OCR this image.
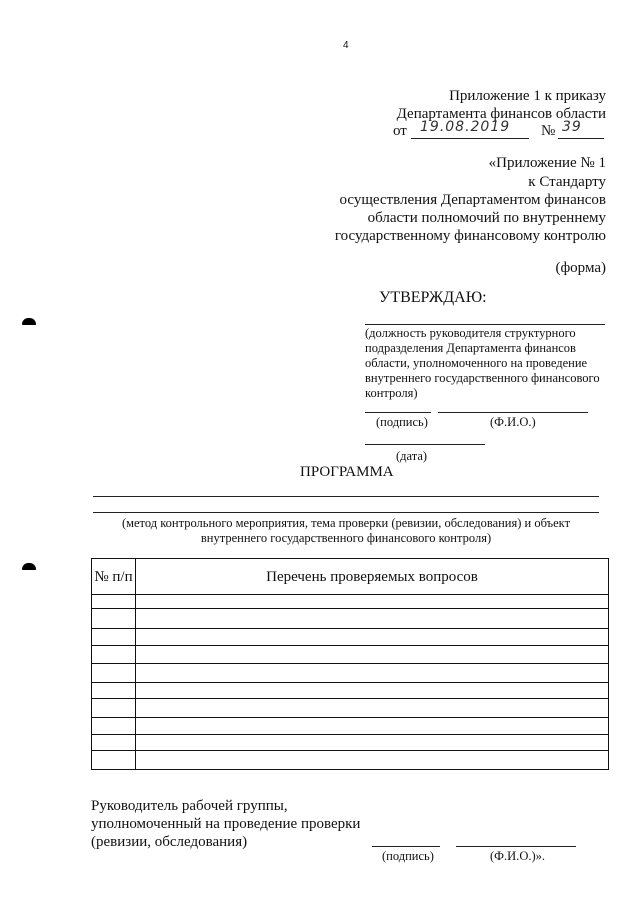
4
Приложение 1 к приказу
Департамента финансов области
от 19.08.2019 № 39
«Приложение № 1
к Стандарту
осуществления Департаментом финансов
области полномочий по внутреннему
государственному финансовому контролю
(форма)
УТВЕРЖДАЮ:
(должность руководителя структурного подразделения Департамента финансов области, уполномоченного на проведение внутреннего государственного финансового контроля)
(подпись)	(Ф.И.О.)
(дата)
ПРОГРАММА
(метод контрольного мероприятия, тема проверки (ревизии, обследования) и объект внутреннего государственного финансового контроля)
№ п/п	Перечень проверяемых вопросов

Руководитель рабочей группы,
уполномоченный на проведение проверки
(ревизии, обследования)
(подпись)	(Ф.И.О.)».
